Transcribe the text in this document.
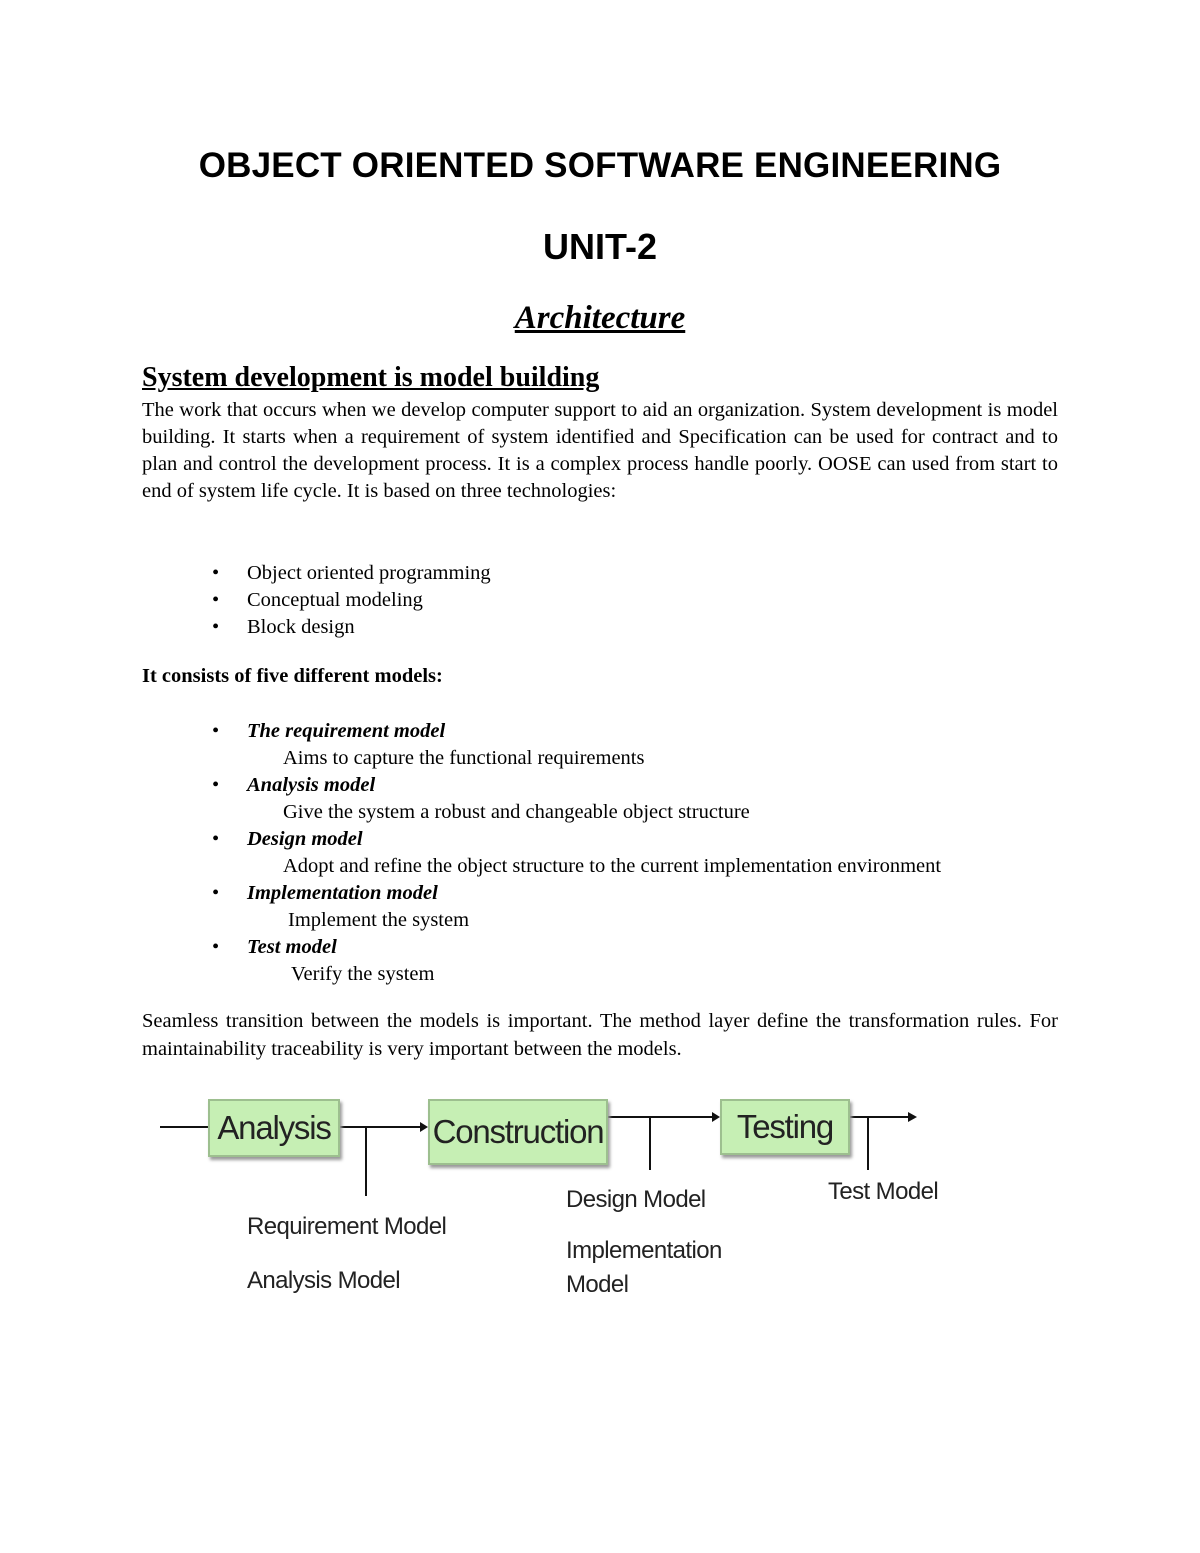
OBJECT ORIENTED SOFTWARE ENGINEERING
UNIT-2
Architecture
System development is model building

The work that occurs when we develop computer support to aid an organization. System development is model building. It starts when a requirement of system identified and Specification can be used for contract and to plan and control the development process. It is a complex process handle poorly. OOSE can used from start to end of system life cycle. It is based on three technologies:

• Object oriented programming
• Conceptual modeling
• Block design

It consists of five different models:

• The requirement model
Aims to capture the functional requirements
• Analysis model
Give the system a robust and changeable object structure
• Design model
Adopt and refine the object structure to the current implementation environment
• Implementation model
Implement the system
• Test model
Verify the system

Seamless transition between the models is important. The method layer define the transformation rules. For maintainability traceability is very important between the models.

Analysis	Construction	Testing
Requirement Model
Analysis Model
Design Model
Implementation Model
Test Model
